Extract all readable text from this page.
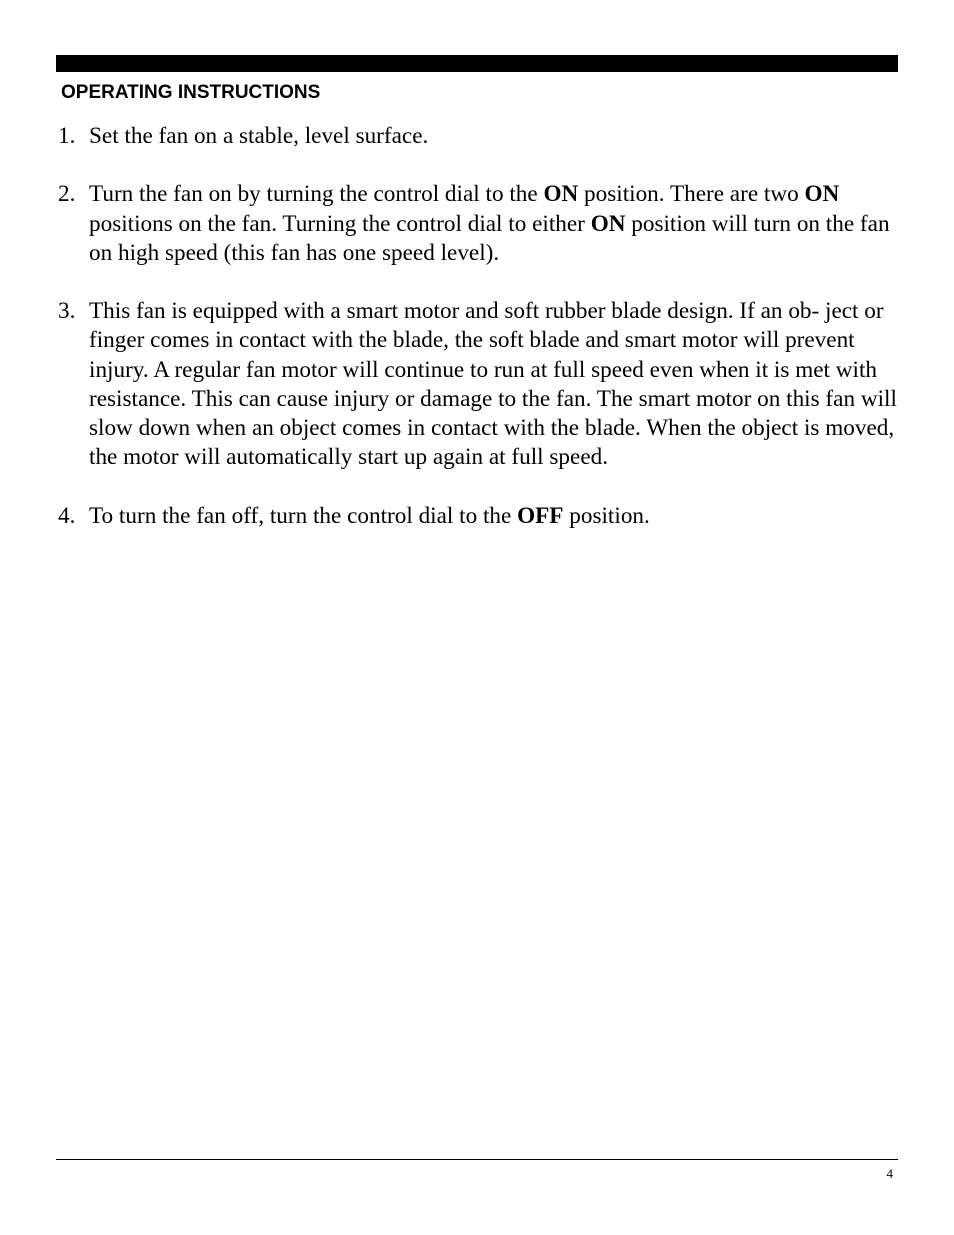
OPERATING INSTRUCTIONS
1. Set the fan on a stable, level surface.
2. Turn the fan on by turning the control dial to the ON position. There are two ON positions on the fan. Turning the control dial to either ON position will turn on the fan on high speed (this fan has one speed level).
3. This fan is equipped with a smart motor and soft rubber blade design. If an ob- ject or finger comes in contact with the blade, the soft blade and smart motor will prevent injury. A regular fan motor will continue to run at full speed even when it is met with resistance. This can cause injury or damage to the fan. The smart motor on this fan will slow down when an object comes in contact with the blade. When the object is moved, the motor will automatically start up again at full speed.
4. To turn the fan off, turn the control dial to the OFF position.
4
